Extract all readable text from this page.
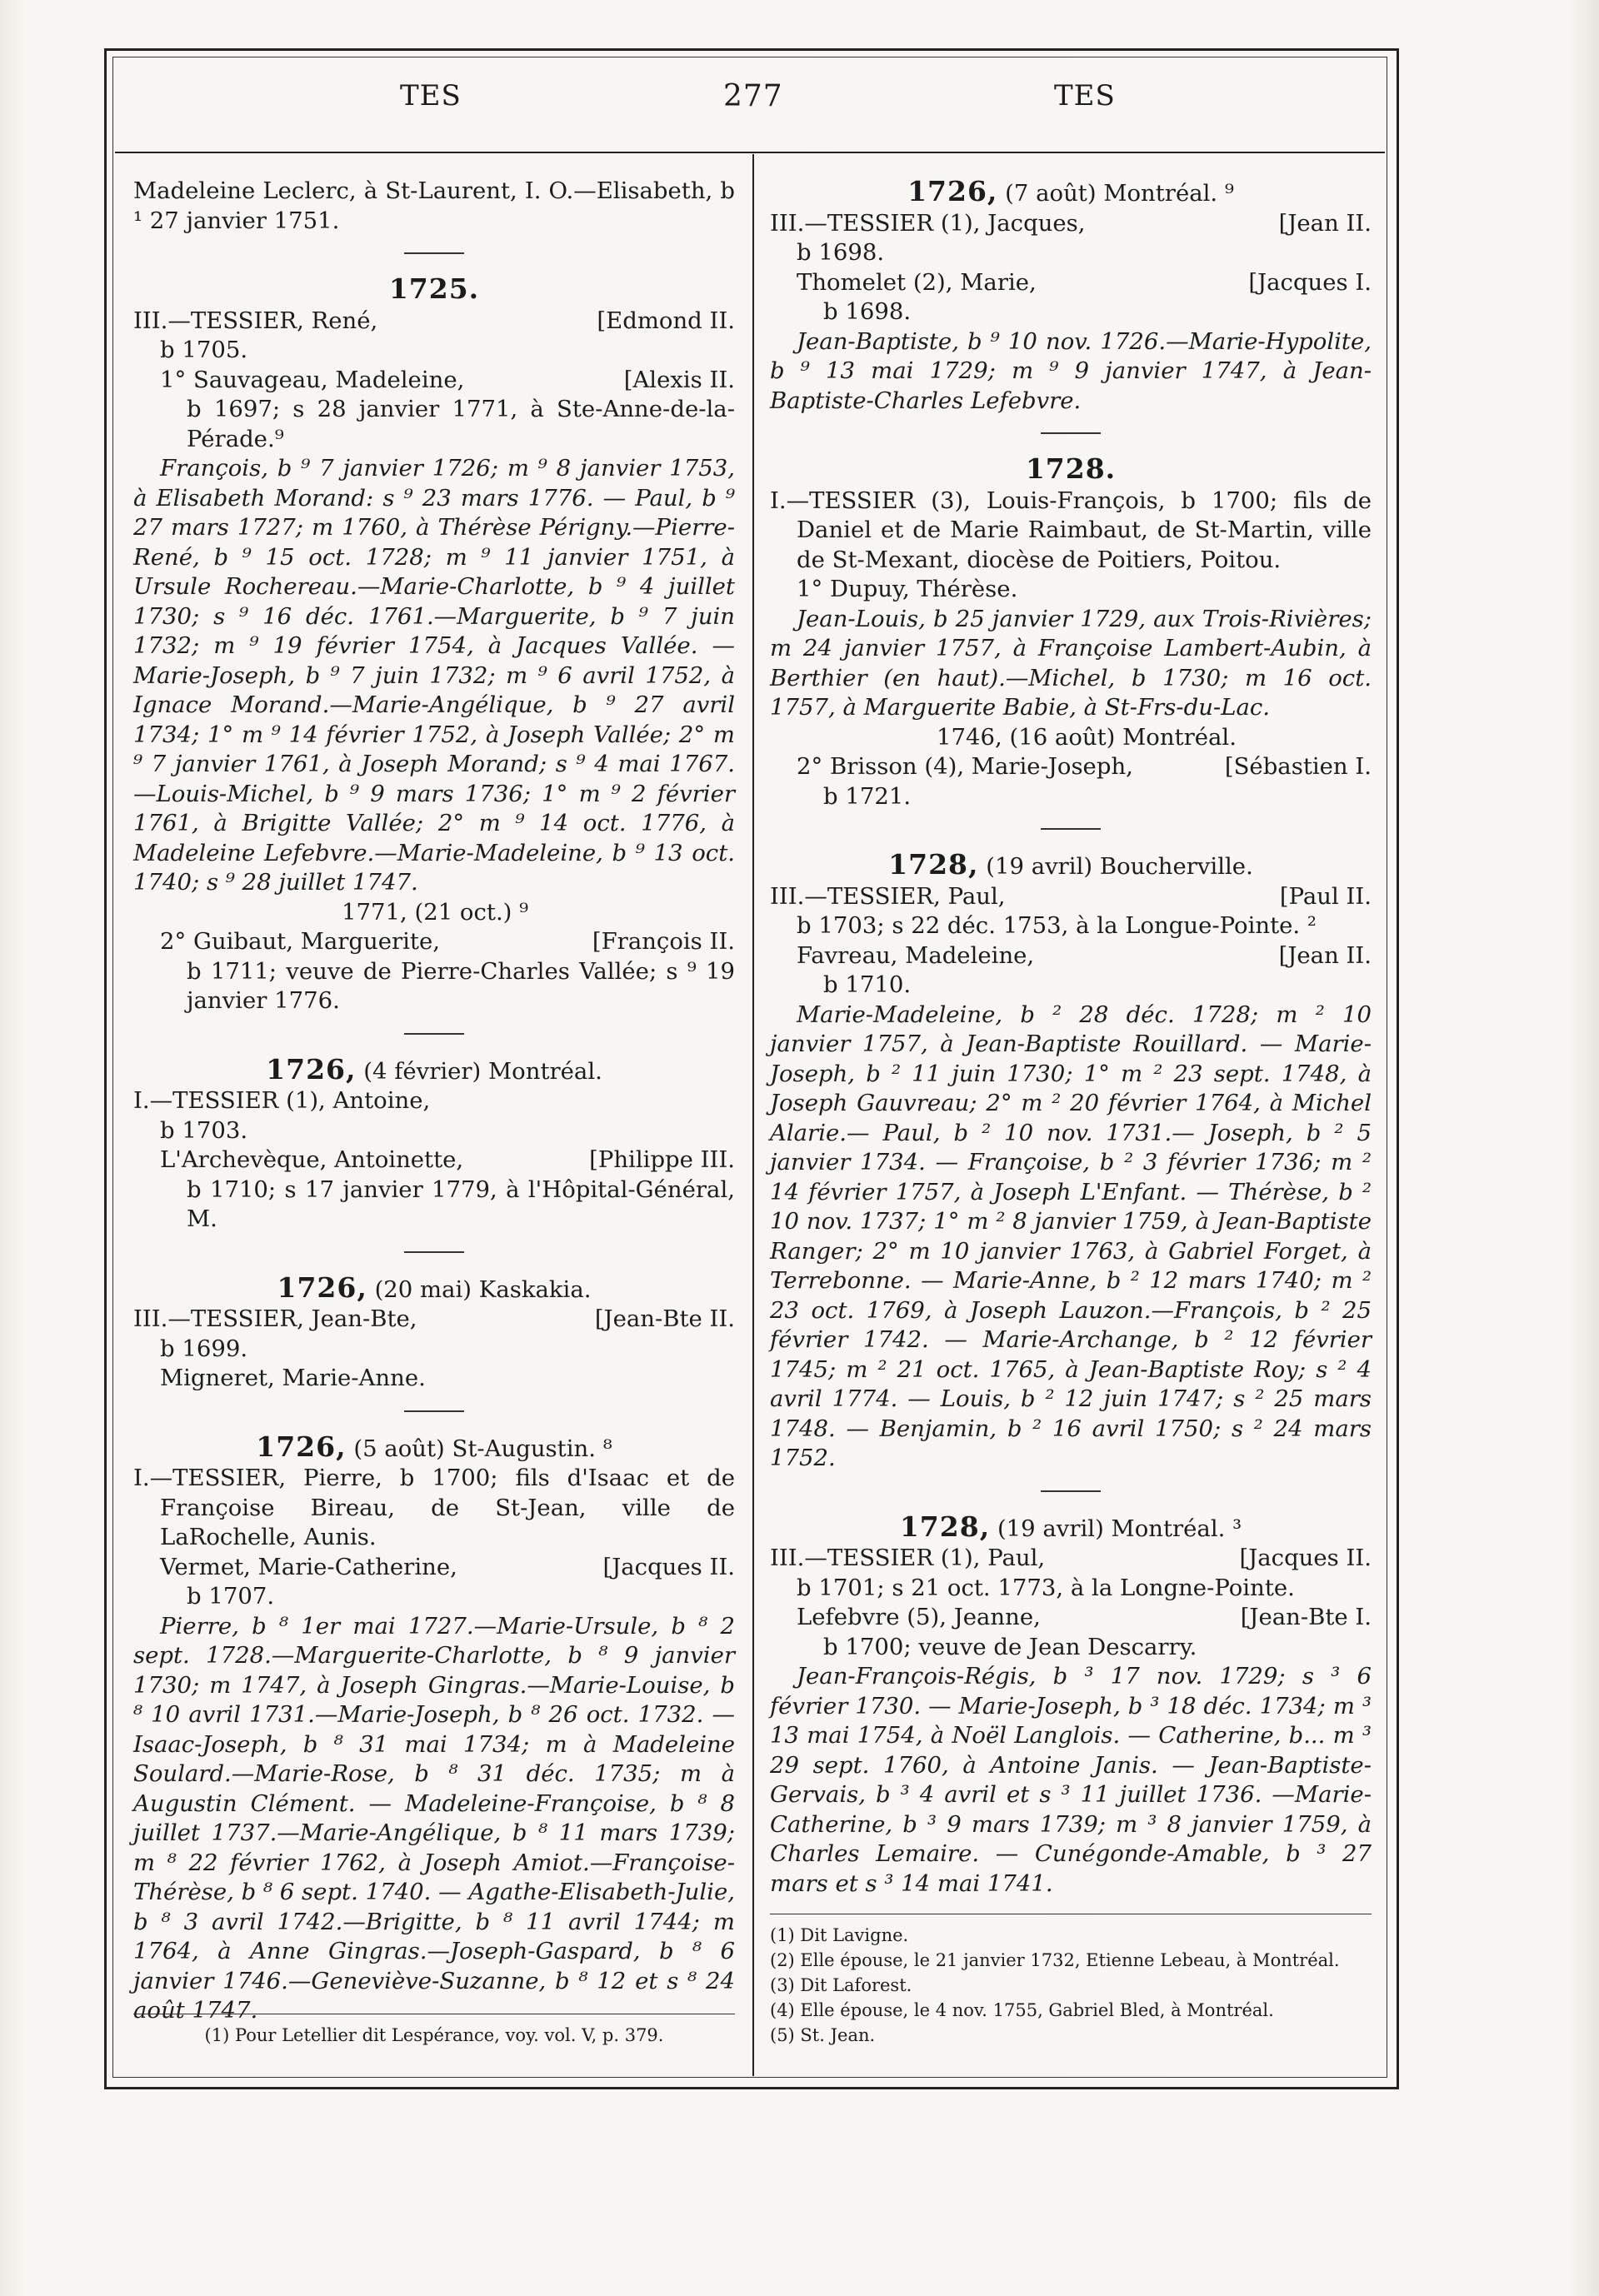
TES	277	TES

Madeleine Leclerc, à St-Laurent, I. O.—Elisabeth, b ¹ 27 janvier 1751.

1725.

III.—TESSIER, René,	[Edmond II.

b 1705.

1° Sauvageau, Madeleine,	[Alexis II.

b 1697; s 28 janvier 1771, à Ste-Anne-de-la-Pérade.⁹

François, b ⁹ 7 janvier 1726; m ⁹ 8 janvier 1753, à Elisabeth Morand: s ⁹ 23 mars 1776. — Paul, b ⁹ 27 mars 1727; m 1760, à Thérèse Périgny.—Pierre-René, b ⁹ 15 oct. 1728; m ⁹ 11 janvier 1751, à Ursule Rochereau.—Marie-Charlotte, b ⁹ 4 juillet 1730; s ⁹ 16 déc. 1761.—Marguerite, b ⁹ 7 juin 1732; m ⁹ 19 février 1754, à Jacques Vallée. — Marie-Joseph, b ⁹ 7 juin 1732; m ⁹ 6 avril 1752, à Ignace Morand.—Marie-Angélique, b ⁹ 27 avril 1734; 1° m ⁹ 14 février 1752, à Joseph Vallée; 2° m ⁹ 7 janvier 1761, à Joseph Morand; s ⁹ 4 mai 1767.—Louis-Michel, b ⁹ 9 mars 1736; 1° m ⁹ 2 février 1761, à Brigitte Vallée; 2° m ⁹ 14 oct. 1776, à Madeleine Lefebvre.—Marie-Madeleine, b ⁹ 13 oct. 1740; s ⁹ 28 juillet 1747.

1771, (21 oct.) ⁹

2° Guibaut, Marguerite,	[François II.

b 1711; veuve de Pierre-Charles Vallée; s ⁹ 19 janvier 1776.

1726, (4 février) Montréal.

I.—TESSIER (1), Antoine,

b 1703.

L'Archevèque, Antoinette,	[Philippe III.

b 1710; s 17 janvier 1779, à l'Hôpital-Général, M.

1726, (20 mai) Kaskakia.

III.—TESSIER, Jean-Bte,	[Jean-Bte II.

b 1699.

Migneret, Marie-Anne.

1726, (5 août) St-Augustin. ⁸

I.—TESSIER, Pierre, b 1700; fils d'Isaac et de Françoise Bireau, de St-Jean, ville de LaRochelle, Aunis.

Vermet, Marie-Catherine,	[Jacques II.

b 1707.

Pierre, b ⁸ 1er mai 1727.—Marie-Ursule, b ⁸ 2 sept. 1728.—Marguerite-Charlotte, b ⁸ 9 janvier 1730; m 1747, à Joseph Gingras.—Marie-Louise, b ⁸ 10 avril 1731.—Marie-Joseph, b ⁸ 26 oct. 1732. —Isaac-Joseph, b ⁸ 31 mai 1734; m à Madeleine Soulard.—Marie-Rose, b ⁸ 31 déc. 1735; m à Augustin Clément. — Madeleine-Françoise, b ⁸ 8 juillet 1737.—Marie-Angélique, b ⁸ 11 mars 1739; m ⁸ 22 février 1762, à Joseph Amiot.—Françoise-Thérèse, b ⁸ 6 sept. 1740. — Agathe-Elisabeth-Julie, b ⁸ 3 avril 1742.—Brigitte, b ⁸ 11 avril 1744; m 1764, à Anne Gingras.—Joseph-Gaspard, b ⁸ 6 janvier 1746.—Geneviève-Suzanne, b ⁸ 12 et s ⁸ 24 août 1747.

(1) Pour Letellier dit Lespérance, voy. vol. V, p. 379.

1726, (7 août) Montréal. ⁹

III.—TESSIER (1), Jacques,	[Jean II.

b 1698.

Thomelet (2), Marie,	[Jacques I.

b 1698.

Jean-Baptiste, b ⁹ 10 nov. 1726.—Marie-Hypolite, b ⁹ 13 mai 1729; m ⁹ 9 janvier 1747, à Jean-Baptiste-Charles Lefebvre.

1728.

I.—TESSIER (3), Louis-François, b 1700; fils de Daniel et de Marie Raimbaut, de St-Martin, ville de St-Mexant, diocèse de Poitiers, Poitou.

1° Dupuy, Thérèse.

Jean-Louis, b 25 janvier 1729, aux Trois-Rivières; m 24 janvier 1757, à Françoise Lambert-Aubin, à Berthier (en haut).—Michel, b 1730; m 16 oct. 1757, à Marguerite Babie, à St-Frs-du-Lac.

1746, (16 août) Montréal.

2° Brisson (4), Marie-Joseph,	[Sébastien I.

b 1721.

1728, (19 avril) Boucherville.

III.—TESSIER, Paul,	[Paul II.

b 1703; s 22 déc. 1753, à la Longue-Pointe. ²

Favreau, Madeleine,	[Jean II.

b 1710.

Marie-Madeleine, b ² 28 déc. 1728; m ² 10 janvier 1757, à Jean-Baptiste Rouillard. — Marie-Joseph, b ² 11 juin 1730; 1° m ² 23 sept. 1748, à Joseph Gauvreau; 2° m ² 20 février 1764, à Michel Alarie.— Paul, b ² 10 nov. 1731.— Joseph, b ² 5 janvier 1734. — Françoise, b ² 3 février 1736; m ² 14 février 1757, à Joseph L'Enfant. — Thérèse, b ² 10 nov. 1737; 1° m ² 8 janvier 1759, à Jean-Baptiste Ranger; 2° m 10 janvier 1763, à Gabriel Forget, à Terrebonne. — Marie-Anne, b ² 12 mars 1740; m ² 23 oct. 1769, à Joseph Lauzon.—François, b ² 25 février 1742. — Marie-Archange, b ² 12 février 1745; m ² 21 oct. 1765, à Jean-Baptiste Roy; s ² 4 avril 1774. — Louis, b ² 12 juin 1747; s ² 25 mars 1748. — Benjamin, b ² 16 avril 1750; s ² 24 mars 1752.

1728, (19 avril) Montréal. ³

III.—TESSIER (1), Paul,	[Jacques II.

b 1701; s 21 oct. 1773, à la Longne-Pointe.

Lefebvre (5), Jeanne,	[Jean-Bte I.

b 1700; veuve de Jean Descarry.

Jean-François-Régis, b ³ 17 nov. 1729; s ³ 6 février 1730. — Marie-Joseph, b ³ 18 déc. 1734; m ³ 13 mai 1754, à Noël Langlois. — Catherine, b... m ³ 29 sept. 1760, à Antoine Janis. — Jean-Baptiste-Gervais, b ³ 4 avril et s ³ 11 juillet 1736. —Marie-Catherine, b ³ 9 mars 1739; m ³ 8 janvier 1759, à Charles Lemaire. — Cunégonde-Amable, b ³ 27 mars et s ³ 14 mai 1741.

(1) Dit Lavigne.

(2) Elle épouse, le 21 janvier 1732, Etienne Lebeau, à Montréal.

(3) Dit Laforest.

(4) Elle épouse, le 4 nov. 1755, Gabriel Bled, à Montréal.

(5) St. Jean.
